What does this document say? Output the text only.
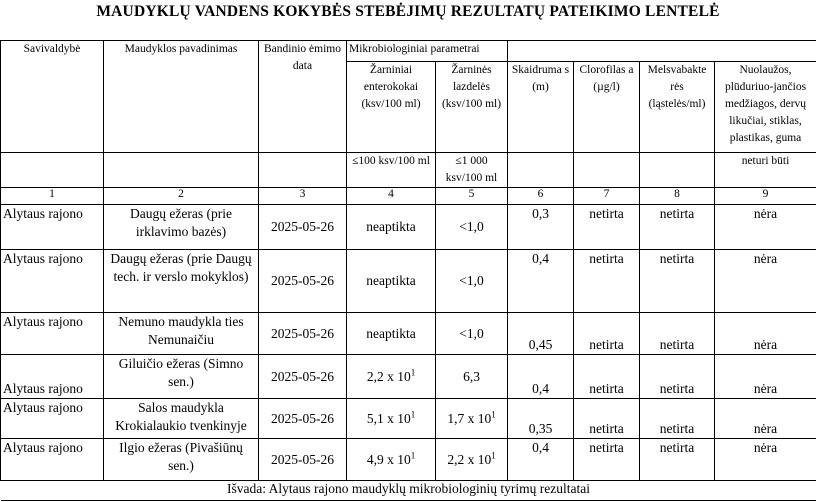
MAUDYKLŲ VANDENS KOKYBĖS STEBĖJIMŲ REZULTATŲ PATEIKIMO LENTELĖ
Savivaldybė	Maudyklos pavadinimas	Bandinio ėmimo data	Mikrobiologiniai parametrai					
			Žarniniai enterokokai (ksv/100 ml)	Žarninės lazdelės (ksv/100 ml)	Skaidruma s (m)	Clorofilas a (µg/l)	Melsvabakte rės (ląstelės/ml)	Nuolaužos, plūduriuo-jančios medžiagos, dervų likučiai, stiklas, plastikas, guma
			≤100 ksv/100 ml	≤1 000 ksv/100 ml				neturi būti
1	2	3	4	5	6	7	8	9
Alytaus rajono	Daugų ežeras (prie irklavimo bazės)	2025-05-26	neaptikta	<1,0	0,3	netirta	netirta	nėra
Alytaus rajono	Daugų ežeras (prie Daugų tech. ir verslo mokyklos)	2025-05-26	neaptikta	<1,0	0,4	netirta	netirta	nėra
Alytaus rajono	Nemuno maudykla ties Nemunaičiu	2025-05-26	neaptikta	<1,0	0,45	netirta	netirta	nėra
Alytaus rajono	Giluičio ežeras (Simno sen.)	2025-05-26	2,2 x $10^1$	6,3	0,4	netirta	netirta	nėra
Alytaus rajono	Salos maudykla Krokialaukio tvenkinyje	2025-05-26	5,1 x $10^1$	1,7 x $10^1$	0,35	netirta	netirta	nėra
Alytaus rajono	Ilgio ežeras (Pivašiūnų sen.)	2025-05-26	4,9 x $10^1$	2,2 x $10^1$	0,4	netirta	netirta	nėra
Išvada: Alytaus rajono maudyklų mikrobiologinių tyrimų rezultatai								
